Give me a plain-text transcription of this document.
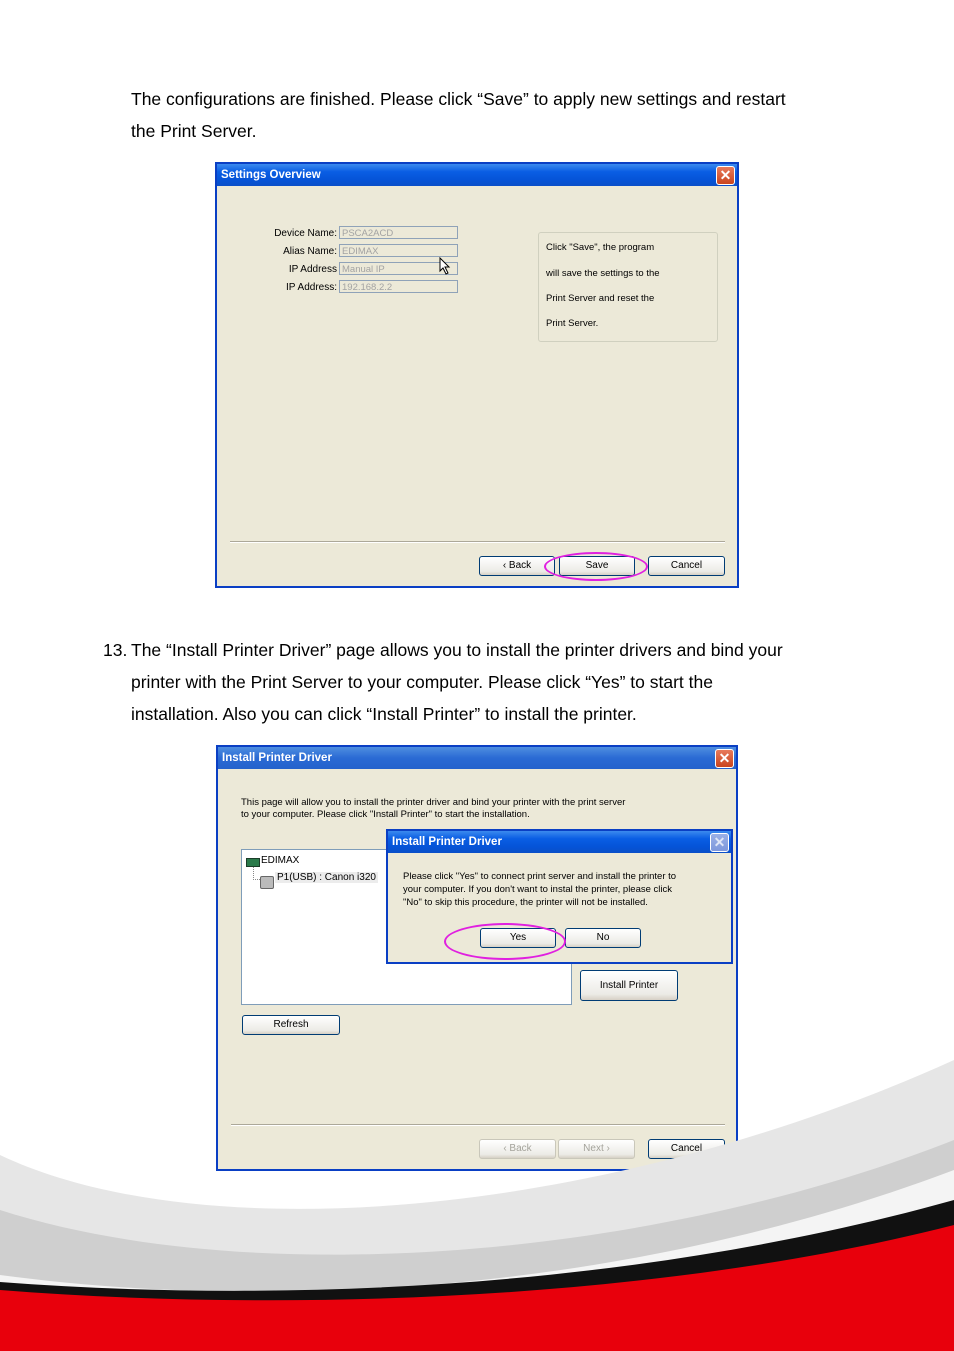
The configurations are finished. Please click “Save” to apply new settings and restart
the Print Server.
Settings Overview	✕
Device Name: PSCA2ACD
Alias Name: EDIMAX
IP Address Manual IP
IP Address: 192.168.2.2
Click "Save", the program
will save the settings to the
Print Server and reset the
Print Server.
‹ Back	Save	Cancel
13. The “Install Printer Driver” page allows you to install the printer drivers and bind your
printer with the Print Server to your computer. Please click “Yes” to start the
installation. Also you can click “Install Printer” to install the printer.
Install Printer Driver	✕
This page will allow you to install the printer driver and bind your printer with the print server
to your computer. Please click "Install Printer" to start the installation.
EDIMAX
P1(USB) : Canon i320
Install Printer
Refresh
‹ Back	Next ›	Cancel
Install Printer Driver	✕
Please click "Yes" to connect print server and install the printer to
your computer. If you don't want to instal the printer, please click
"No" to skip this procedure, the printer will not be installed.
Yes	No
